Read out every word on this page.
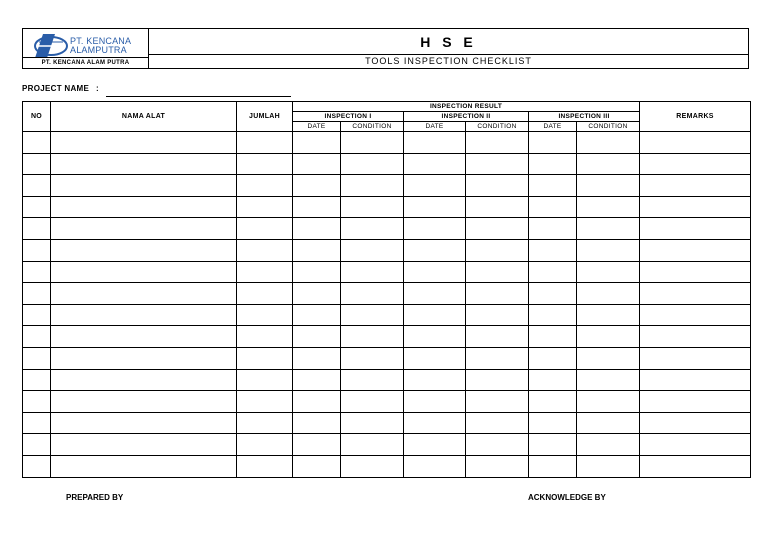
PT. KENCANA
ALAMPUTRA
PT. KENCANA ALAM PUTRA
H S E
TOOLS INSPECTION CHECKLIST
PROJECT NAME :
NO	NAMA ALAT	JUMLAH	INSPECTION RESULT						REMARKS
			INSPECTION I		INSPECTION II		INSPECTION III		
			DATE	CONDITION	DATE	CONDITION	DATE	CONDITION	

PREPARED BY	ACKNOWLEDGE BY
